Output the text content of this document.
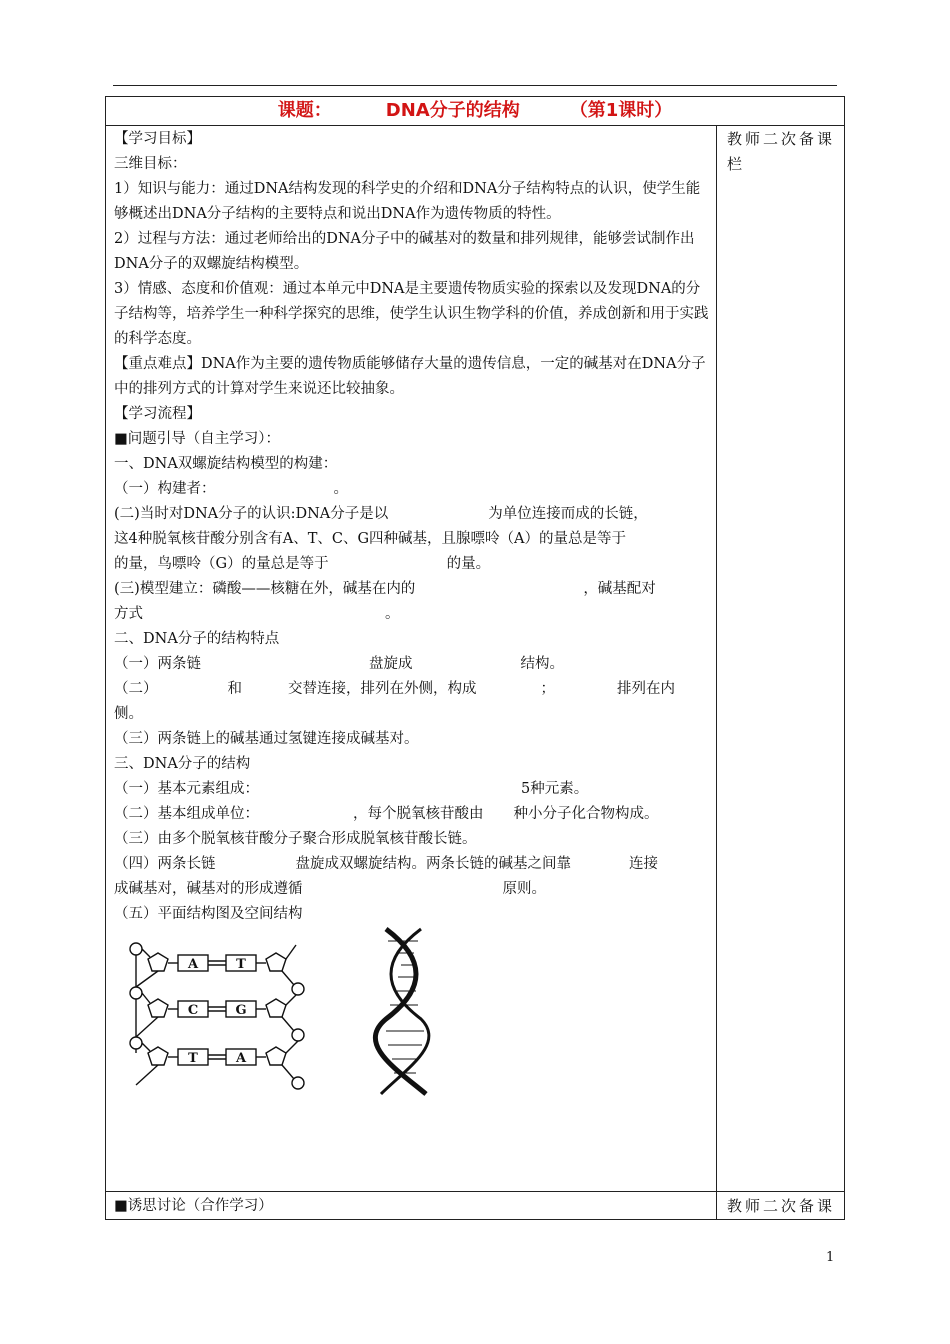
课题：	DNA分子的结构	（第1课时）

【学习目标】

三维目标：

1）知识与能力：通过DNA结构发现的科学史的介绍和DNA分子结构特点的认识，使学生能够概述出DNA分子结构的主要特点和说出DNA作为遗传物质的特性。

2）过程与方法：通过老师给出的DNA分子中的碱基对的数量和排列规律，能够尝试制作出DNA分子的双螺旋结构模型。

3）情感、态度和价值观：通过本单元中DNA是主要遗传物质实验的探索以及发现DNA的分子结构等，培养学生一种科学探究的思维，使学生认识生物学科的价值，养成创新和用于实践的科学态度。

【重点难点】DNA作为主要的遗传物质能够储存大量的遗传信息，一定的碱基对在DNA分子中的排列方式的计算对学生来说还比较抽象。

【学习流程】

■问题引导（自主学习）：

一、DNA双螺旋结构模型的构建：

（一）构建者：	。

(二)当时对DNA分子的认识:DNA分子是以	为单位连接而成的长链，

这4种脱氧核苷酸分别含有A、T、C、G四种碱基，且腺嘌呤（A）的量总是等于

的量，鸟嘌呤（G）的量总是等于	的量。

(三)模型建立：磷酸——核糖在外，碱基在内的	，碱基配对

方式	。

二、DNA分子的结构特点

（一）两条链	盘旋成	结构。

（二）	和	交替连接，排列在外侧，构成	；	排列在内

侧。

（三）两条链上的碱基通过氢键连接成碱基对。

三、DNA分子的结构

（一）基本元素组成：	5种元素。

（二）基本组成单位：	，每个脱氧核苷酸由 种小分子化合物构成。

（三）由多个脱氧核苷酸分子聚合形成脱氧核苷酸长链。

（四）两条长链	盘旋成双螺旋结构。两条长链的碱基之间靠	连接

成碱基对，碱基对的形成遵循	原则。

（五）平面结构图及空间结构

A	T
C	G
T	A
教师二次备课栏
■诱思讨论（合作学习）	教师二次备课
1
